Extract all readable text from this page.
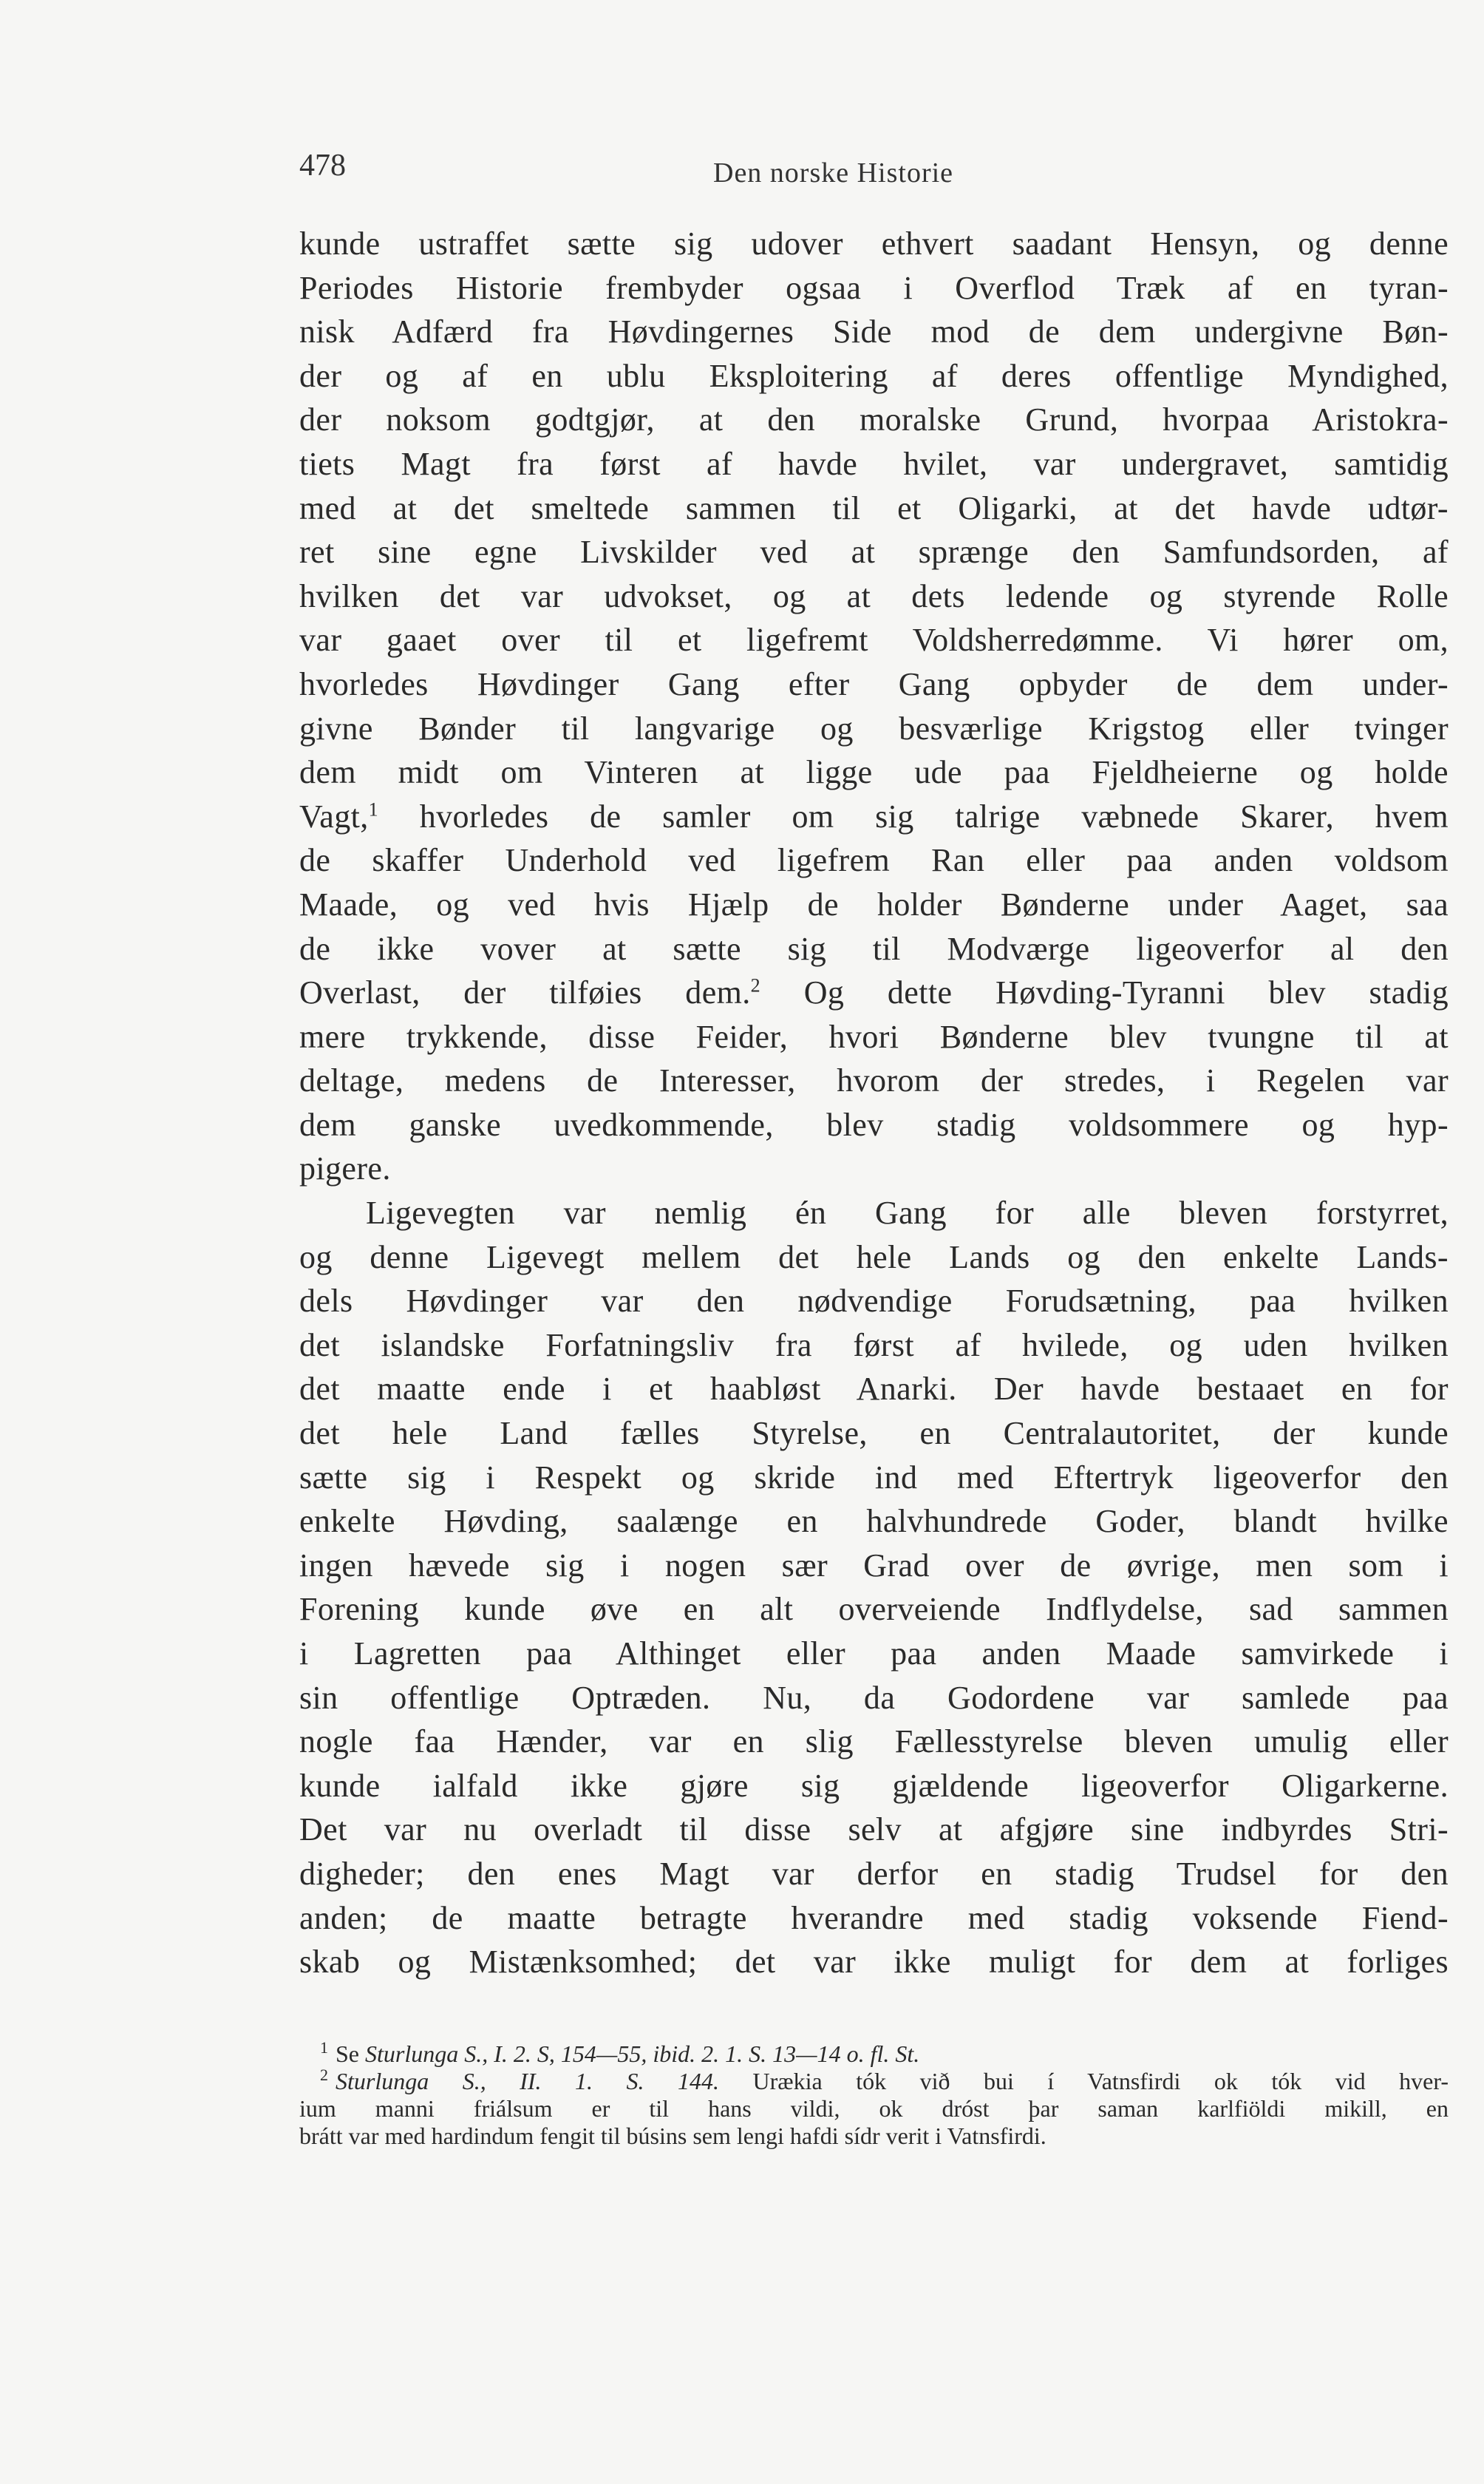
478	Den norske Historie
kunde ustraffet sætte sig udover ethvert saadant Hensyn, og denne
Periodes Historie frembyder ogsaa i Overflod Træk af en tyran-
nisk Adfærd fra Høvdingernes Side mod de dem undergivne Bøn-
der og af en ublu Eksploitering af deres offentlige Myndighed,
der noksom godtgjør, at den moralske Grund, hvorpaa Aristokra-
tiets Magt fra først af havde hvilet, var undergravet, samtidig
med at det smeltede sammen til et Oligarki, at det havde udtør-
ret sine egne Livskilder ved at sprænge den Samfundsorden, af
hvilken det var udvokset, og at dets ledende og styrende Rolle
var gaaet over til et ligefremt Voldsherredømme. Vi hører om,
hvorledes Høvdinger Gang efter Gang opbyder de dem under-
givne Bønder til langvarige og besværlige Krigstog eller tvinger
dem midt om Vinteren at ligge ude paa Fjeldheierne og holde
Vagt,$^1$ hvorledes de samler om sig talrige væbnede Skarer, hvem
de skaffer Underhold ved ligefrem Ran eller paa anden voldsom
Maade, og ved hvis Hjælp de holder Bønderne under Aaget, saa
de ikke vover at sætte sig til Modværge ligeoverfor al den
Overlast, der tilføies dem.$^2$ Og dette Høvding-Tyranni blev stadig
mere trykkende, disse Feider, hvori Bønderne blev tvungne til at
deltage, medens de Interesser, hvorom der stredes, i Regelen var
dem ganske uvedkommende, blev stadig voldsommere og hyp-
pigere.
Ligevegten var nemlig én Gang for alle bleven forstyrret,
og denne Ligevegt mellem det hele Lands og den enkelte Lands-
dels Høvdinger var den nødvendige Forudsætning, paa hvilken
det islandske Forfatningsliv fra først af hvilede, og uden hvilken
det maatte ende i et haabløst Anarki. Der havde bestaaet en for
det hele Land fælles Styrelse, en Centralautoritet, der kunde
sætte sig i Respekt og skride ind med Eftertryk ligeoverfor den
enkelte Høvding, saalænge en halvhundrede Goder, blandt hvilke
ingen hævede sig i nogen sær Grad over de øvrige, men som i
Forening kunde øve en alt overveiende Indflydelse, sad sammen
i Lagretten paa Althinget eller paa anden Maade samvirkede i
sin offentlige Optræden. Nu, da Godordene var samlede paa
nogle faa Hænder, var en slig Fællesstyrelse bleven umulig eller
kunde ialfald ikke gjøre sig gjældende ligeoverfor Oligarkerne.
Det var nu overladt til disse selv at afgjøre sine indbyrdes Stri-
digheder; den enes Magt var derfor en stadig Trudsel for den
anden; de maatte betragte hverandre med stadig voksende Fiend-
skab og Mistænksomhed; det var ikke muligt for dem at forliges
$^1$ Se Sturlunga S., I. 2. S, 154—55, ibid. 2. 1. S. 13—14 o. fl. St.
$^2$ Sturlunga S., II. 1. S. 144. Urækia tók við bui í Vatnsfirdi ok tók vid hver-
ium manni friálsum er til hans vildi, ok dróst þar saman karlfiöldi mikill, en
brátt var med hardindum fengit til búsins sem lengi hafdi sídr verit i Vatnsfirdi.
